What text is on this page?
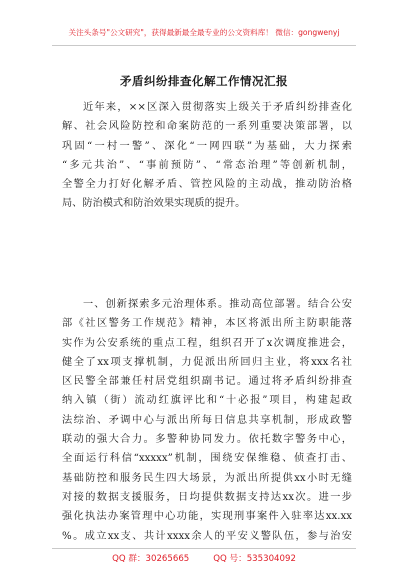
关注头条号"公文研究"，获得最新最全最专业的公文资料库！ 微信：gongwenyj
矛盾纠纷排查化解工作情况汇报
近年来，××区深入贯彻落实上级关于矛盾纠纷排查化
解、社会风险防控和命案防范的一系列重要决策部署，以
巩固“一村一警”、深化“一网四联”为基础，大力探索
“多元共治”、“事前预防”、“常态治理”等创新机制，
全警全力打好化解矛盾、管控风险的主动战，推动防治格
局、防治模式和防治效果实现质的提升。
一、创新探索多元治理体系。推动高位部署。结合公安
部《社区警务工作规范》精神，本区将派出所主防职能落
实作为公安系统的重点工程，组织召开了x次调度推进会，
健全了xx项支撑机制，力促派出所回归主业，将xxx名社
区民警全部兼任村居党组织副书记。通过将矛盾纠纷排查
纳入镇（街）流动红旗评比和“十必报”项目，构建起政
法综治、矛调中心与派出所每日信息共享机制，形成政警
联动的强大合力。多警种协同发力。依托数字警务中心，
全面运行科信“xxxxx”机制，围绕安保维稳、侦查打击、
基础防控和服务民生四大场景，为派出所提供xx小时无缝
对接的数据支援服务，日均提供数据支持达xx次。进一步
强化执法办案管理中心功能，实现刑事案件入驻率达xx.xx
%。成立xx支、共计xxxx余人的平安义警队伍，参与治安
QQ 群：30265665	QQ 号：535304092
